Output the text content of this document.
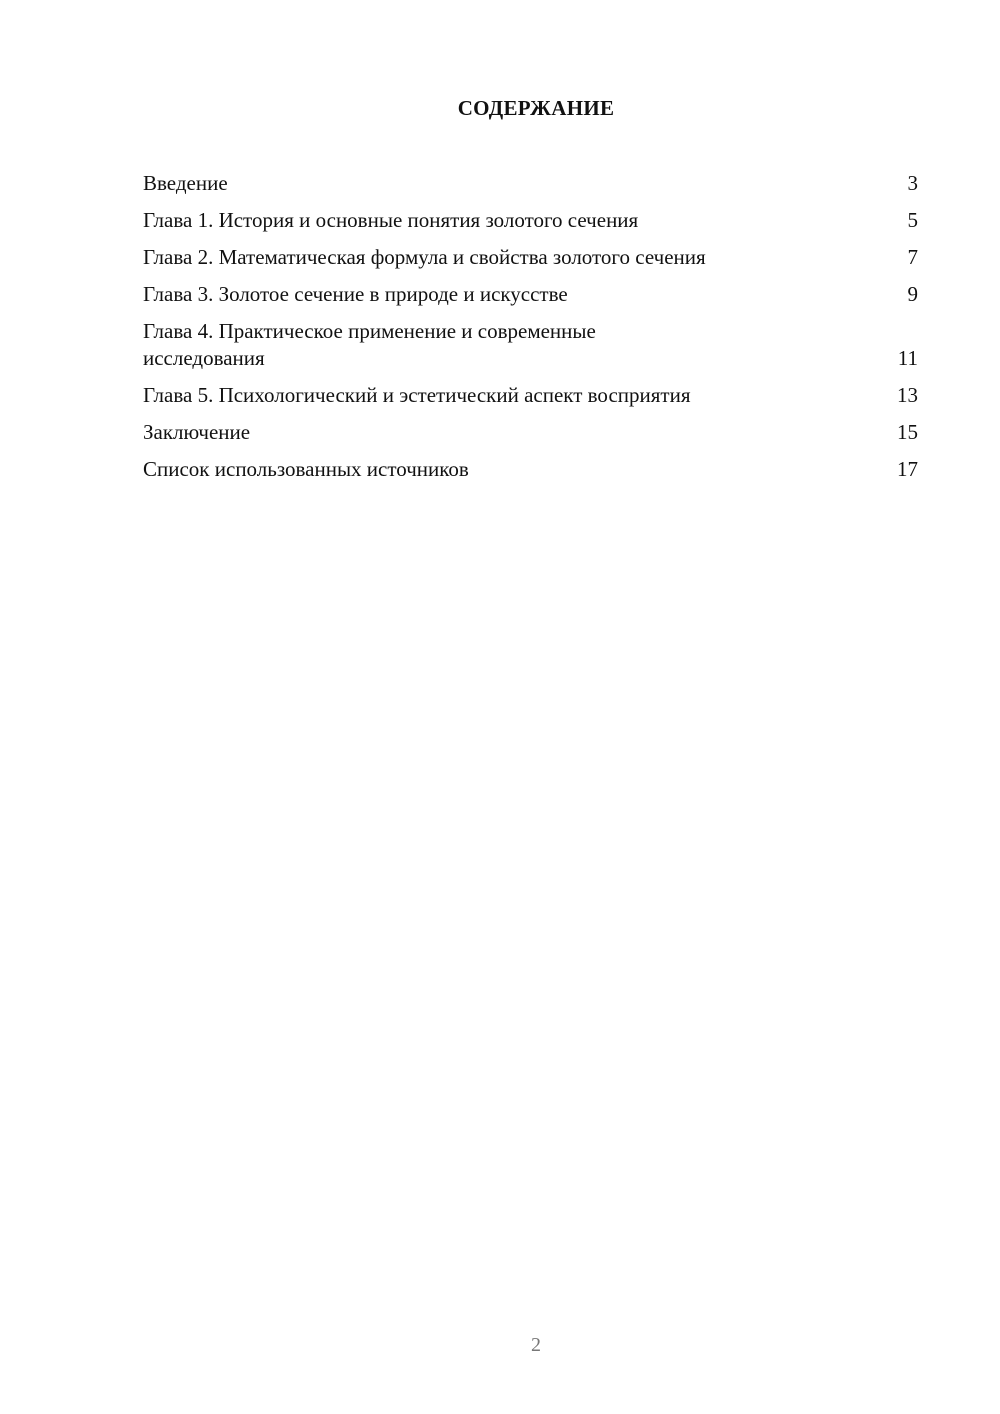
СОДЕРЖАНИЕ
Введение	3
Глава 1. История и основные понятия золотого сечения	5
Глава 2. Математическая формула и свойства золотого сечения	7
Глава 3. Золотое сечение в природе и искусстве	9
Глава 4. Практическое применение и современные исследования	11
Глава 5. Психологический и эстетический аспект восприятия	13
Заключение	15
Список использованных источников	17
2
